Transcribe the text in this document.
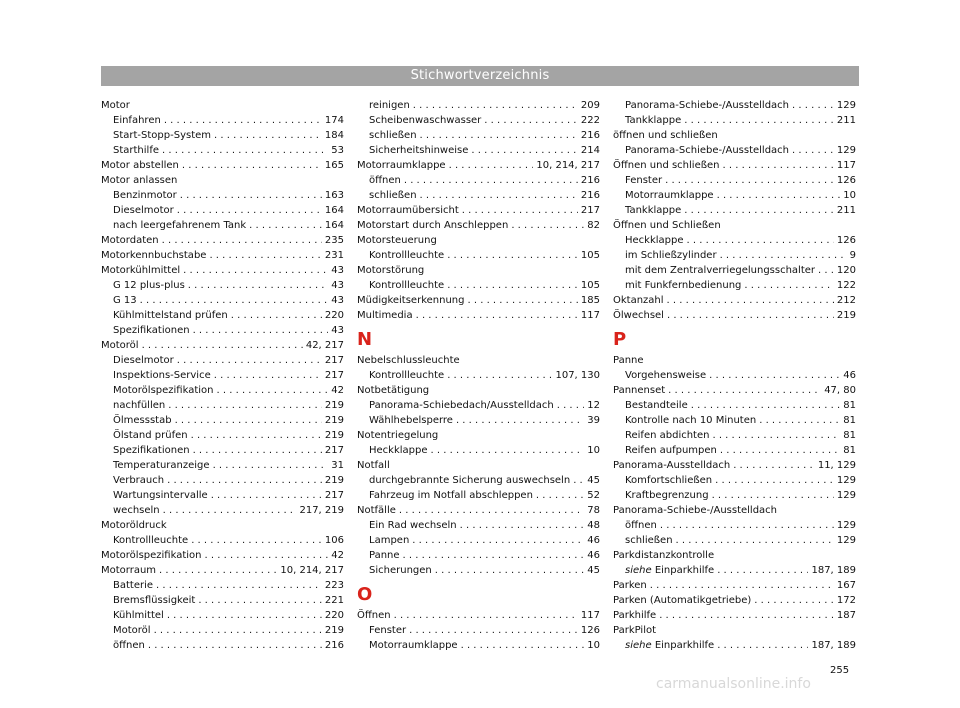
Stichwortverzeichnis
Motor
Einfahren . . .	174
Start-Stopp-System . . .	184
Starthilfe . . .	53
Motor abstellen . . .	165
Motor anlassen
Benzinmotor . . .	163
Dieselmotor . . .	164
nach leergefahrenem Tank . . .	164
Motordaten . . .	235
Motorkennbuchstabe . . .	231
Motorkühlmittel . . .	43
G 12 plus-plus . . .	43
G 13 . . .	43
Kühlmittelstand prüfen . . .	220
Spezifikationen . . .	43
Motoröl . . .	42, 217
Dieselmotor . . .	217
Inspektions-Service . . .	217
Motorölspezifikation . . .	42
nachfüllen . . .	219
Ölmessstab . . .	219
Ölstand prüfen . . .	219
Spezifikationen . . .	217
Temperaturanzeige . . .	31
Verbrauch . . .	219
Wartungsintervalle . . .	217
wechseln . . .	217, 219
Motoröldruck
Kontrollleuchte . . .	106
Motorölspezifikation . . .	42
Motorraum . . .	10, 214, 217
Batterie . . .	223
Bremsflüssigkeit . . .	221
Kühlmittel . . .	220
Motoröl . . .	219
öffnen . . .	216
reinigen . . .	209
Scheibenwaschwasser . . .	222
schließen . . .	216
Sicherheitshinweise . . .	214
Motorraumklappe . . .	10, 214, 217
öffnen . . .	216
schließen . . .	216
Motorraumübersicht . . .	217
Motorstart durch Anschleppen . . .	82
Motorsteuerung
Kontrollleuchte . . .	105
Motorstörung
Kontrollleuchte . . .	105
Müdigkeitserkennung . . .	185
Multimedia . . .	117
N
Nebelschlussleuchte
Kontrollleuchte . . .	107, 130
Notbetätigung
Panorama-Schiebedach/Ausstelldach . . .	12
Wählhebelsperre . . .	39
Notentriegelung
Heckklappe . . .	10
Notfall
durchgebrannte Sicherung auswechseln . . . 45
Fahrzeug im Notfall abschleppen . . .	52
Notfälle . . .	78
Ein Rad wechseln . . .	48
Lampen . . .	46
Panne . . .	46
Sicherungen . . .	45
O
Öffnen . . .	117
Fenster . . .	126
Motorraumklappe . . .	10
Panorama-Schiebe-/Ausstelldach . . .	129
Tankklappe . . .	211
öffnen und schließen
Panorama-Schiebe-/Ausstelldach . . .	129
Öffnen und schließen . . .	117
Fenster . . .	126
Motorraumklappe . . .	10
Tankklappe . . .	211
Öffnen und Schließen
Heckklappe . . .	126
im Schließzylinder . . .	9
mit dem Zentralverriegelungsschalter . . . 120
mit Funkfernbedienung . . .	122
Oktanzahl . . .	212
Ölwechsel . . .	219
P
Panne
Vorgehensweise . . .	46
Pannenset . . .	47, 80
Bestandteile . . .	81
Kontrolle nach 10 Minuten . . .	81
Reifen abdichten . . .	81
Reifen aufpumpen . . .	81
Panorama-Ausstelldach . . .	11, 129
Komfortschließen . . .	129
Kraftbegrenzung . . .	129
Panorama-Schiebe-/Ausstelldach
öffnen . . .	129
schließen . . .	129
Parkdistanzkontrolle
siehe Einparkhilfe . . .	187, 189
Parken . . .	167
Parken (Automatikgetriebe) . . .	172
Parkhilfe . . .	187
ParkPilot
siehe Einparkhilfe . . .	187, 189
255
carmanualsonline.info
